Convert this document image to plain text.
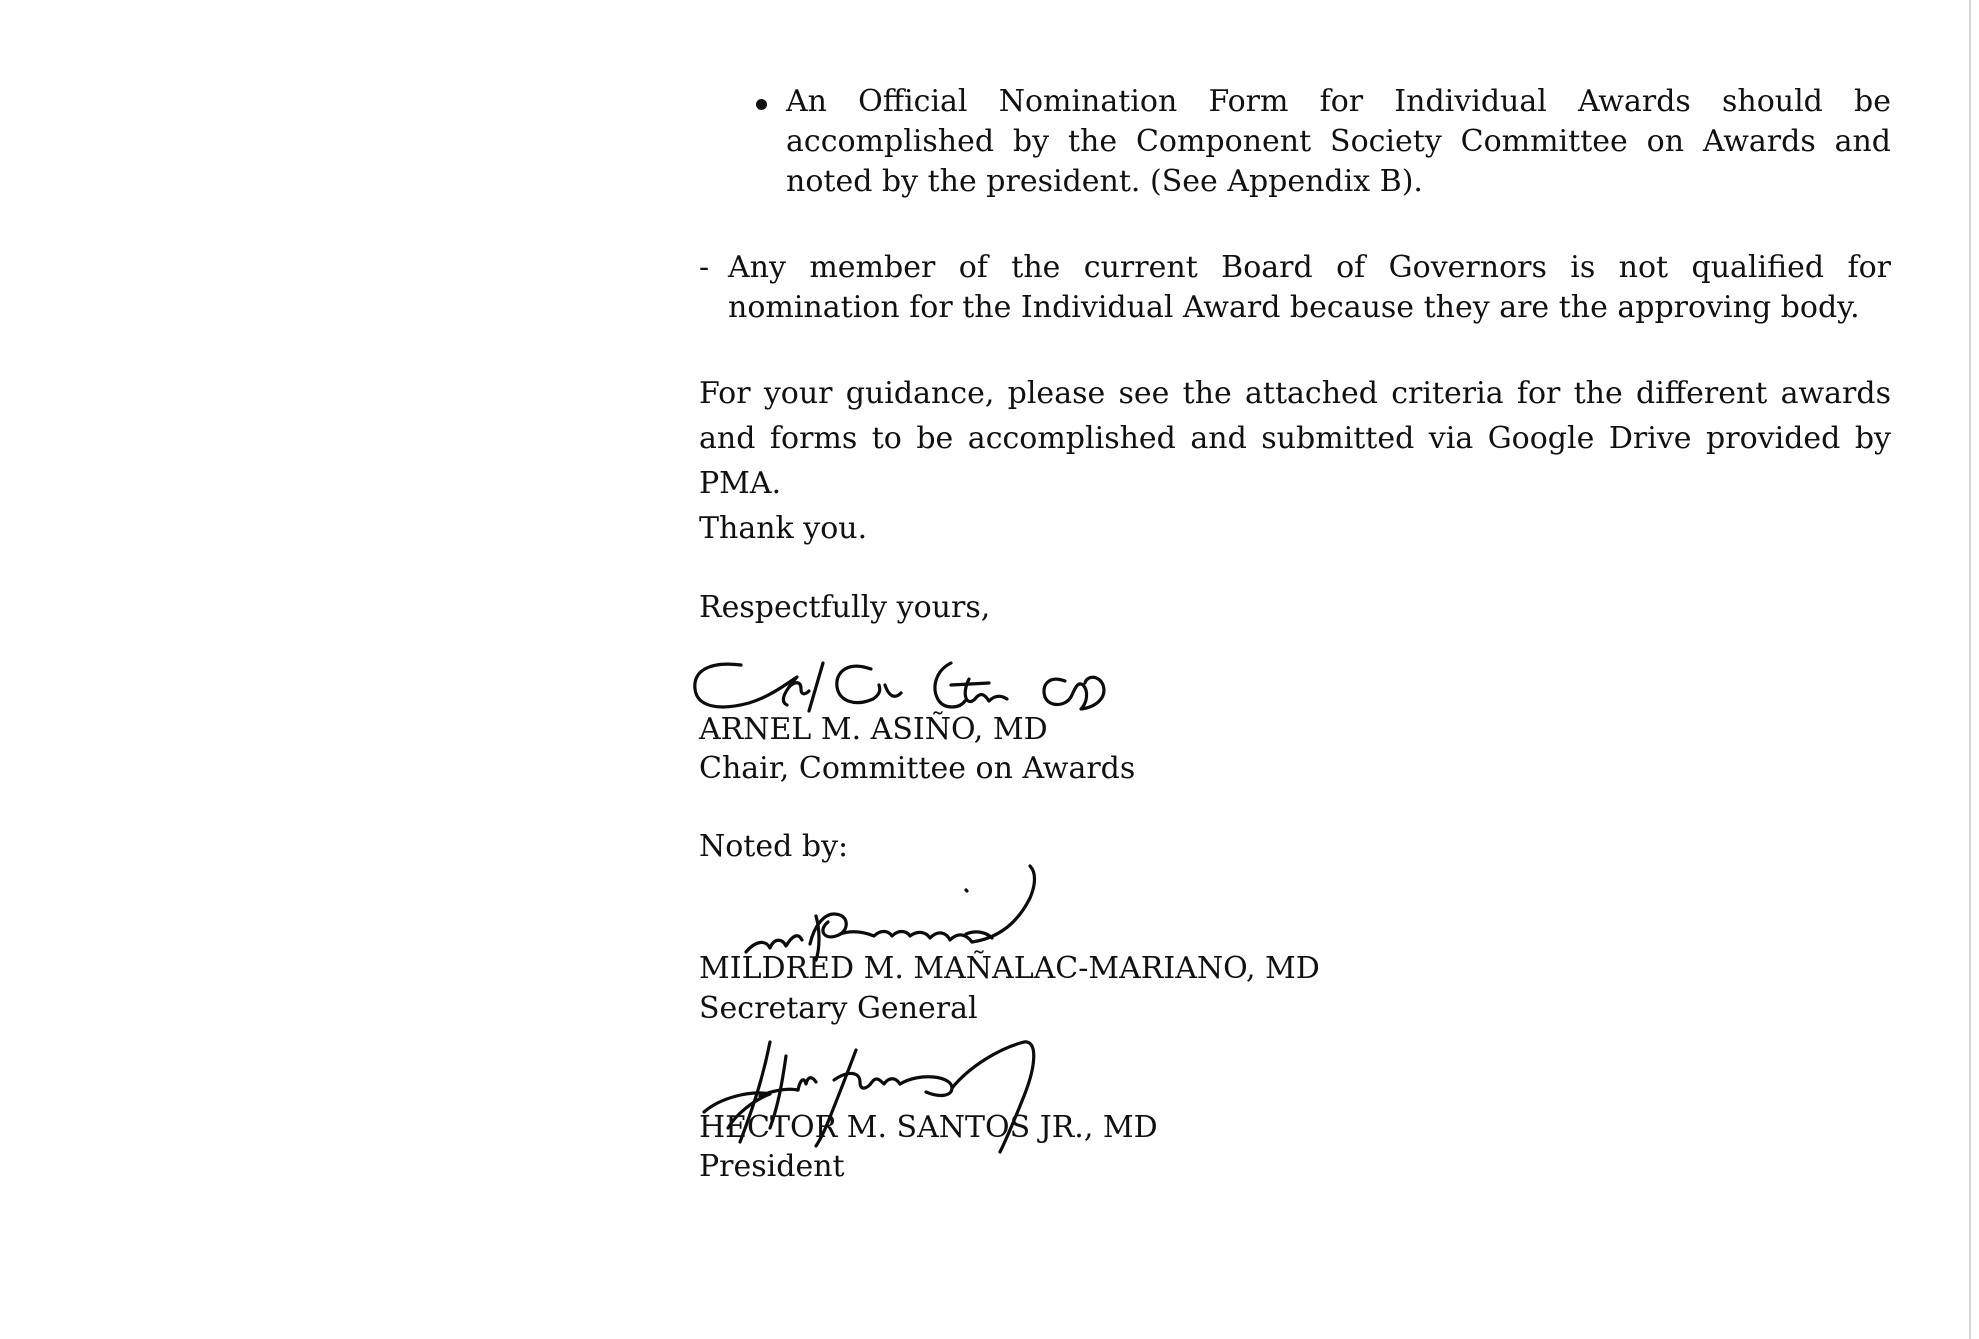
An Official Nomination Form for Individual Awards should be accomplished by the Component Society Committee on Awards and noted by the president. (See Appendix B).
- Any member of the current Board of Governors is not qualified for nomination for the Individual Award because they are the approving body.
For your guidance, please see the attached criteria for the different awards and forms to be accomplished and submitted via Google Drive provided by PMA.
Thank you.
Respectfully yours,
ARNEL M. ASIÑO, MD
Chair, Committee on Awards
Noted by:
MILDRED M. MAÑALAC-MARIANO, MD
Secretary General
HECTOR M. SANTOS JR., MD
President
